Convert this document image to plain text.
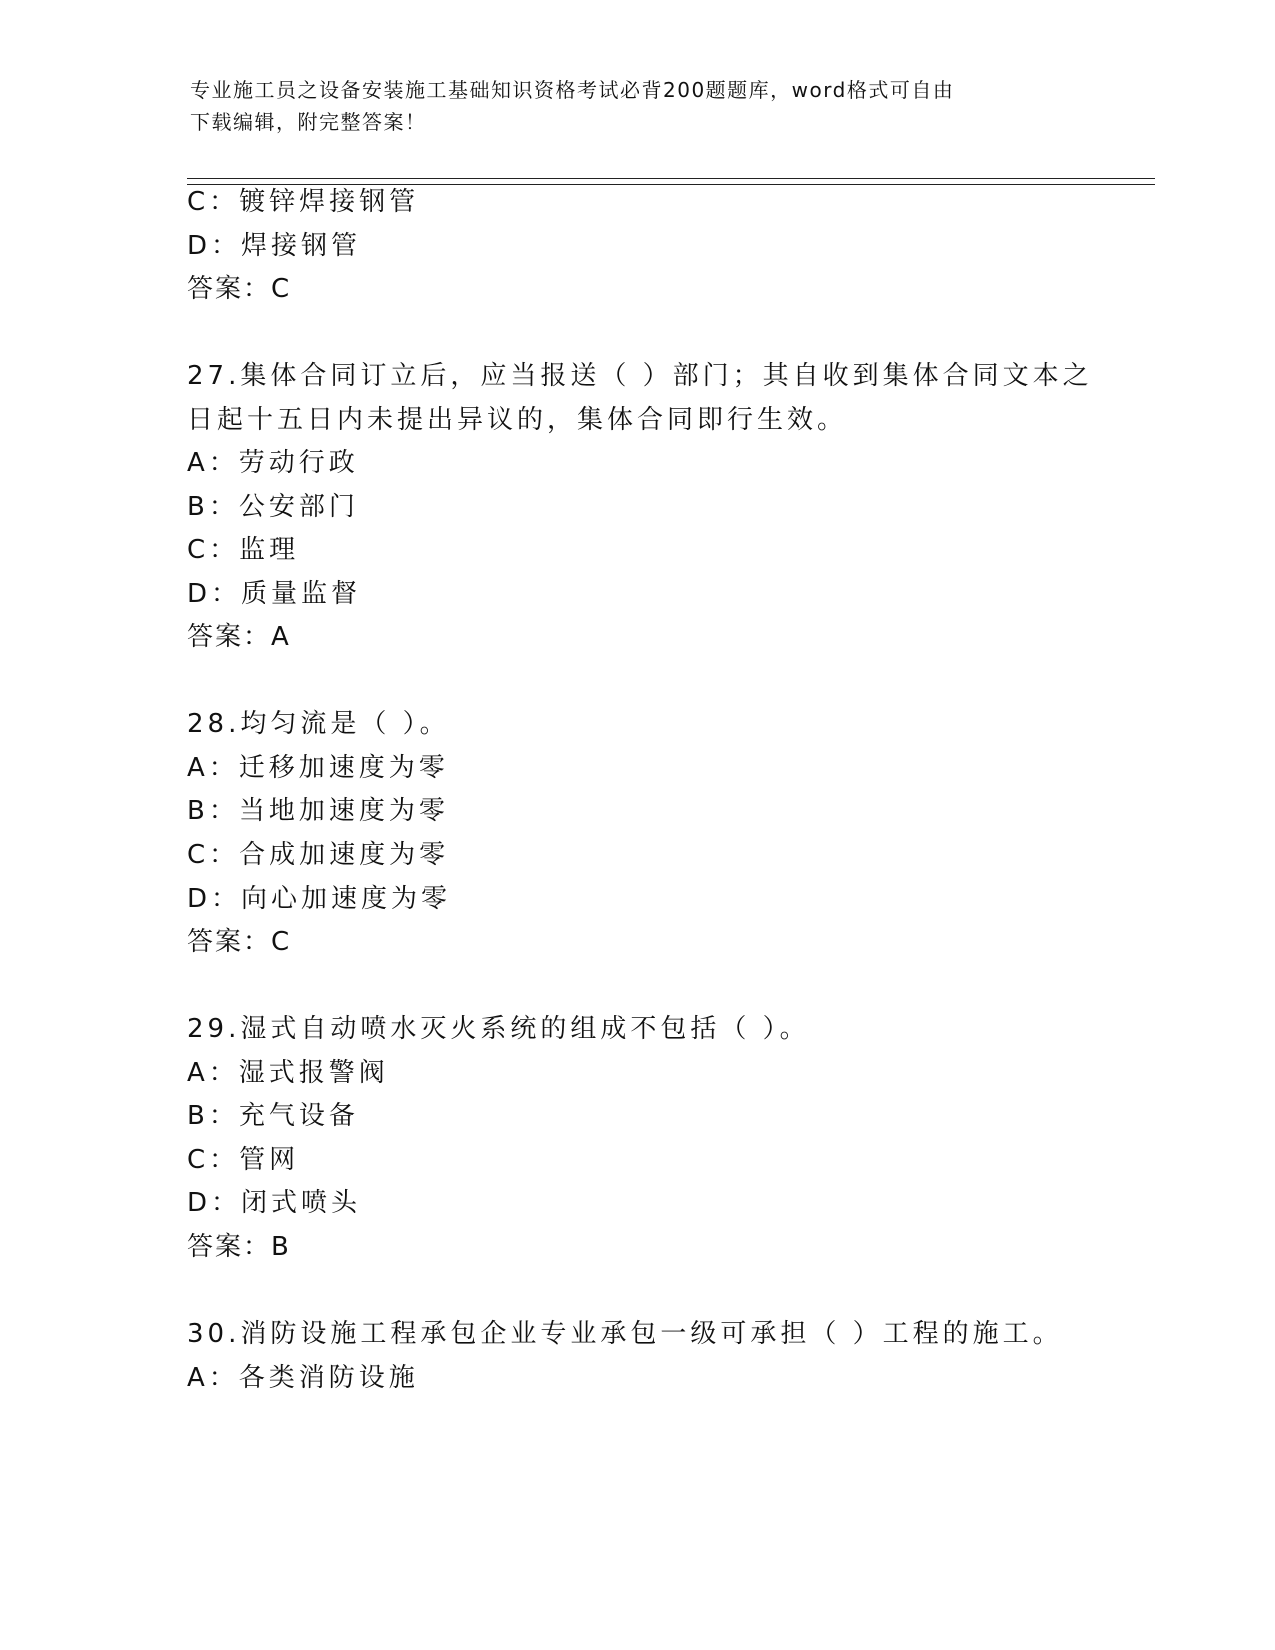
专业施工员之设备安装施工基础知识资格考试必背200题题库，word格式可自由
下载编辑，附完整答案！
C：镀锌焊接钢管
D：焊接钢管
答案：C
27.集体合同订立后，应当报送（ ）部门；其自收到集体合同文本之
日起十五日内未提出异议的，集体合同即行生效。
A：劳动行政
B：公安部门
C：监理
D：质量监督
答案：A
28.均匀流是（ ）。
A：迁移加速度为零
B：当地加速度为零
C：合成加速度为零
D：向心加速度为零
答案：C
29.湿式自动喷水灭火系统的组成不包括（ ）。
A：湿式报警阀
B：充气设备
C：管网
D：闭式喷头
答案：B
30.消防设施工程承包企业专业承包一级可承担（ ）工程的施工。
A：各类消防设施
